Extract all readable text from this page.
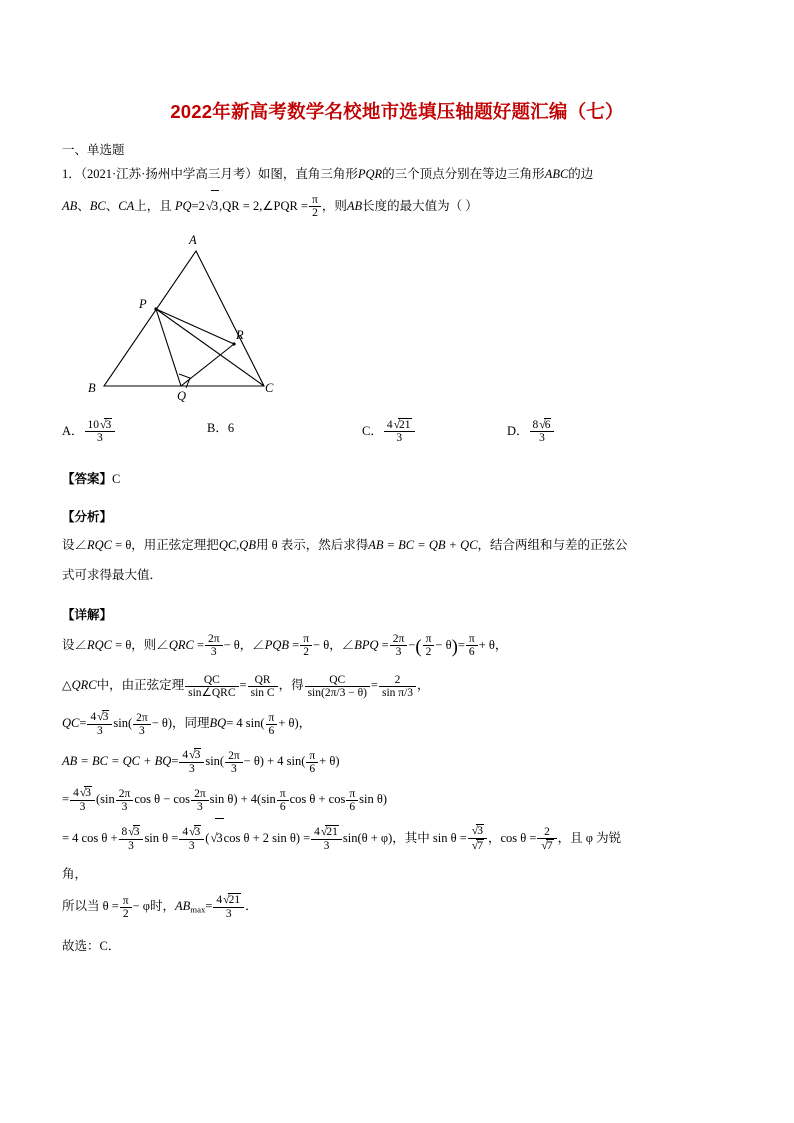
2022年新高考数学名校地市选填压轴题好题汇编（七）
一、单选题
1．（2021·江苏·扬州中学高三月考）如图，直角三角形PQR的三个顶点分别在等边三角形ABC的边
AB、BC、CA上，且 PQ=2√3,QR = 2,∠PQR = $\frac{\pi}{2}$ ，则AB长度的最大值为（ ）
A
P
R
B
Q
C
A． $\frac{10√3}{3}$	B．6	C． $\frac{4√21}{3}$	D． $\frac{8√6}{3}$
【答案】C
【分析】
设∠RQC = θ，用正弦定理把QC,QB用 θ 表示，然后求得AB = BC = QB + QC，结合两组和与差的正弦公
式可求得最大值．
【详解】
设∠RQC = θ，则∠QRC = $\frac{2\pi}{3} - \theta$，∠PQB = $\frac{\pi}{2} - \theta$，∠BPQ = $\frac{2\pi}{3}$ −( $\frac{\pi}{2} - \theta)= \frac{\pi}{6} + \theta$，
△QRC中，由正弦定理 $\frac{QC}{\text{sin∠QRC}} = \frac{QR}{\text{sin C}}$ ，得 $\frac{QC}{\sin(2\pi/3 - \theta)} = \frac{2}{\text{sin π/3}}$ ，
$QC= \frac{4√3}{3} \sin( \frac{2\pi}{3} - \theta)$，同理BQ= 4 $\sin( \frac{\pi}{6} + \theta)$，
AB = BC = QC + $BQ= \frac{4√3}{3} \sin( \frac{2\pi}{3} - \theta) + 4$ $\sin( \frac{\pi}{6} + \theta)$
= $\frac{4√3}{3} (\sin \frac{2\pi}{3}$ $\cos \theta - \cos \frac{2\pi}{3}$ $\sin \theta) + 4(\sin \frac{\pi}{6}$ $\cos \theta + \cos \frac{\pi}{6}$ sin θ)
= 4 $\cos \theta + \frac{8√3}{3}$ $\sin \theta = \frac{4√3}{3} (√3\cos$ θ + 2 $\sin \theta) = \frac{4√21}{3} \sin(\theta + \varphi)$，其中 $\sin \theta = \frac{√3}{√7}$ ，$\cos \theta = \frac{2}{√7}$ ，且 φ 为锐
角，
所以当 $\theta = \frac{\pi}{2} - \varphi$时，$AB_{max}= \frac{4√21}{3}$ ．
故选：C．
